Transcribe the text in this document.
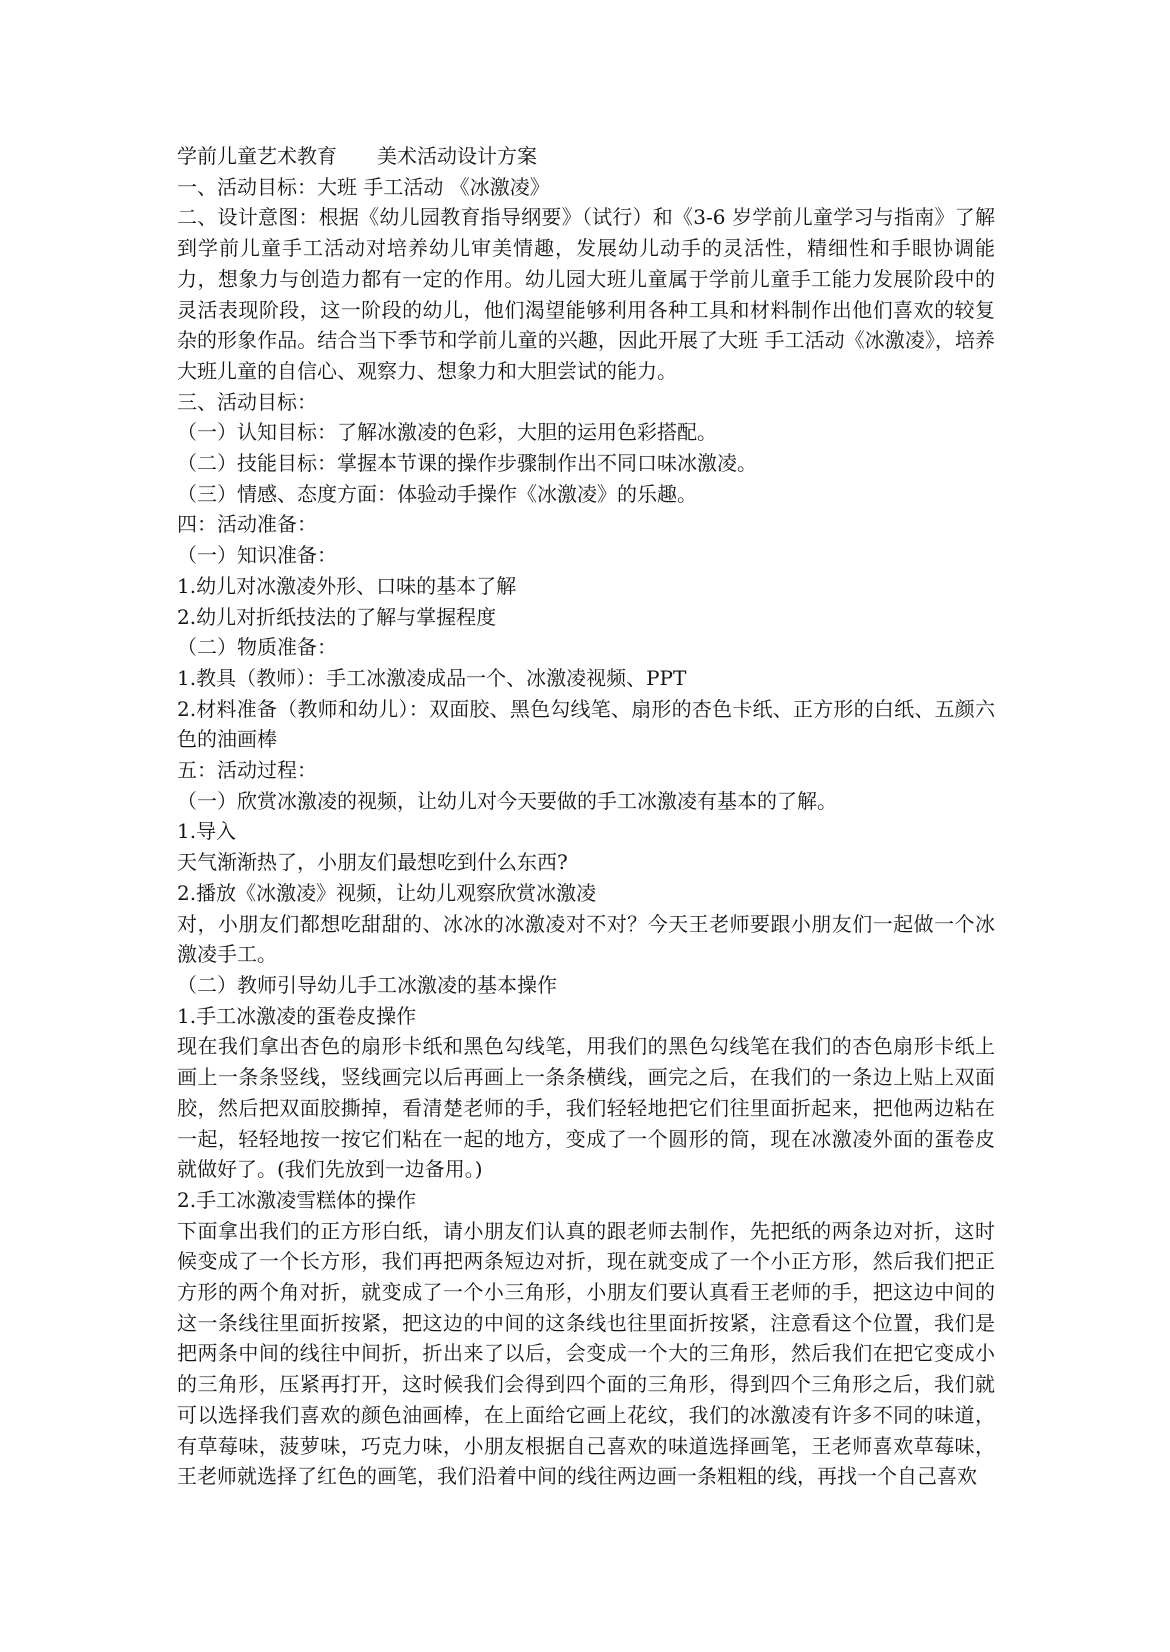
学前儿童艺术教育　　美术活动设计方案

一、活动目标：大班 手工活动 《冰激凌》

二、设计意图：根据《幼儿园教育指导纲要》（试行）和《3-6 岁学前儿童学习与指南》了解到学前儿童手工活动对培养幼儿审美情趣，发展幼儿动手的灵活性，精细性和手眼协调能力，想象力与创造力都有一定的作用。幼儿园大班儿童属于学前儿童手工能力发展阶段中的灵活表现阶段，这一阶段的幼儿，他们渴望能够利用各种工具和材料制作出他们喜欢的较复杂的形象作品。结合当下季节和学前儿童的兴趣，因此开展了大班 手工活动《冰激凌》，培养大班儿童的自信心、观察力、想象力和大胆尝试的能力。

三、活动目标：

（一）认知目标：了解冰激凌的色彩，大胆的运用色彩搭配。

（二）技能目标：掌握本节课的操作步骤制作出不同口味冰激凌。

（三）情感、态度方面：体验动手操作《冰激凌》的乐趣。

四：活动准备：

（一）知识准备：

1.幼儿对冰激凌外形、口味的基本了解

2.幼儿对折纸技法的了解与掌握程度

（二）物质准备：

1.教具（教师）：手工冰激凌成品一个、冰激凌视频、PPT

2.材料准备（教师和幼儿）：双面胶、黑色勾线笔、扇形的杏色卡纸、正方形的白纸、五颜六色的油画棒

五：活动过程：

（一）欣赏冰激凌的视频，让幼儿对今天要做的手工冰激凌有基本的了解。

1.导入

天气渐渐热了，小朋友们最想吃到什么东西?

2.播放《冰激凌》视频，让幼儿观察欣赏冰激凌

对，小朋友们都想吃甜甜的、冰冰的冰激凌对不对？今天王老师要跟小朋友们一起做一个冰激凌手工。

（二）教师引导幼儿手工冰激凌的基本操作

1.手工冰激凌的蛋卷皮操作

现在我们拿出杏色的扇形卡纸和黑色勾线笔，用我们的黑色勾线笔在我们的杏色扇形卡纸上画上一条条竖线，竖线画完以后再画上一条条横线，画完之后，在我们的一条边上贴上双面胶，然后把双面胶撕掉，看清楚老师的手，我们轻轻地把它们往里面折起来，把他两边粘在一起，轻轻地按一按它们粘在一起的地方，变成了一个圆形的筒，现在冰激凌外面的蛋卷皮就做好了。(我们先放到一边备用。)

2.手工冰激凌雪糕体的操作

下面拿出我们的正方形白纸，请小朋友们认真的跟老师去制作，先把纸的两条边对折，这时候变成了一个长方形，我们再把两条短边对折，现在就变成了一个小正方形，然后我们把正方形的两个角对折，就变成了一个小三角形，小朋友们要认真看王老师的手，把这边中间的这一条线往里面折按紧，把这边的中间的这条线也往里面折按紧，注意看这个位置，我们是把两条中间的线往中间折，折出来了以后，会变成一个大的三角形，然后我们在把它变成小的三角形，压紧再打开，这时候我们会得到四个面的三角形，得到四个三角形之后，我们就可以选择我们喜欢的颜色油画棒，在上面给它画上花纹，我们的冰激凌有许多不同的味道，有草莓味，菠萝味，巧克力味，小朋友根据自己喜欢的味道选择画笔，王老师喜欢草莓味，王老师就选择了红色的画笔，我们沿着中间的线往两边画一条粗粗的线，再找一个自己喜欢
